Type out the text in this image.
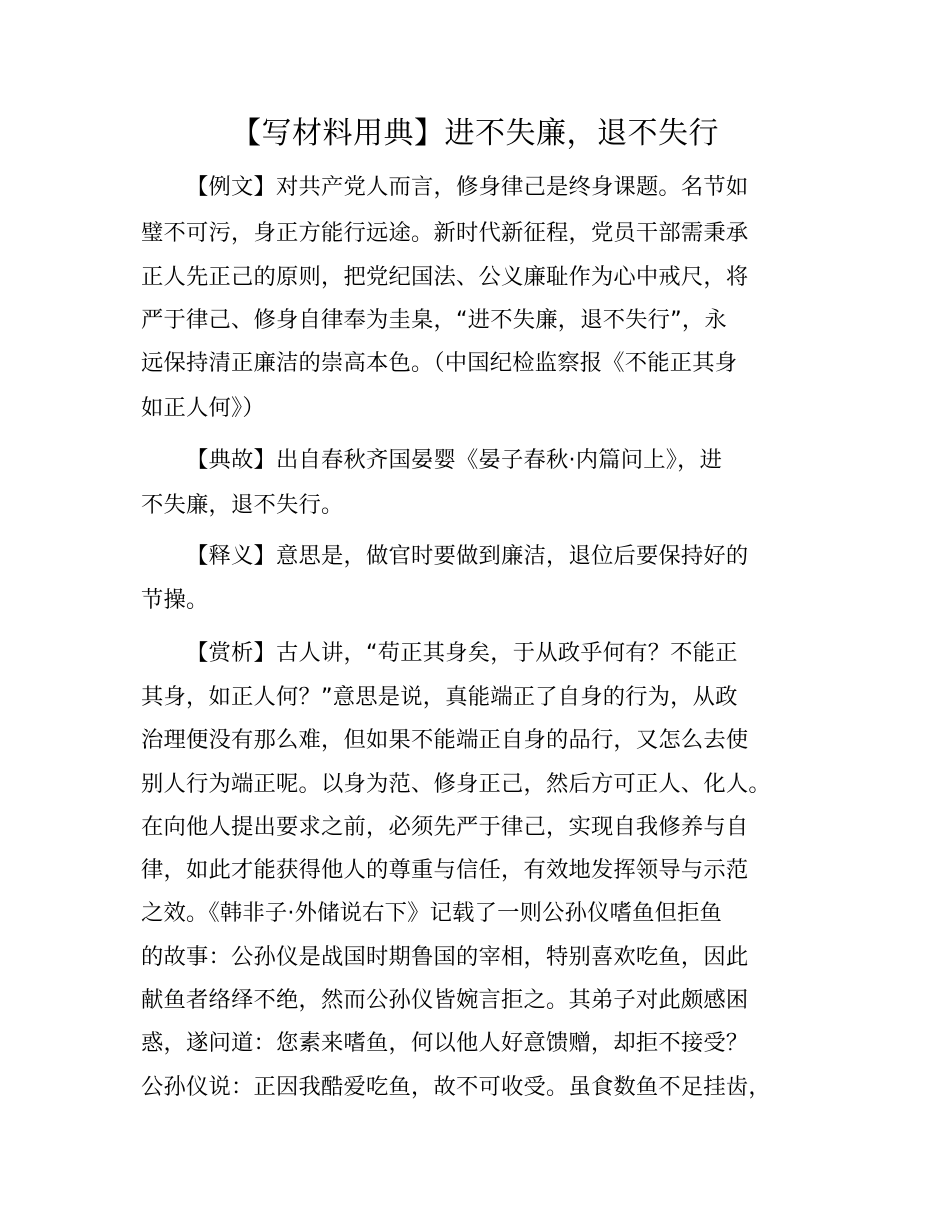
【写材料用典】进不失廉，退不失行
【例文】对共产党人而言，修身律己是终身课题。名节如
璧不可污，身正方能行远途。新时代新征程，党员干部需秉承
正人先正己的原则，把党纪国法、公义廉耻作为心中戒尺，将
严于律己、修身自律奉为圭臬，“进不失廉，退不失行”，永
远保持清正廉洁的崇高本色。（中国纪检监察报《不能正其身
如正人何》）
【典故】出自春秋齐国晏婴《晏子春秋·内篇问上》，进
不失廉，退不失行。
【释义】意思是，做官时要做到廉洁，退位后要保持好的
节操。
【赏析】古人讲，“苟正其身矣，于从政乎何有？不能正
其身，如正人何？”意思是说，真能端正了自身的行为，从政
治理便没有那么难，但如果不能端正自身的品行，又怎么去使
别人行为端正呢。以身为范、修身正己，然后方可正人、化人。
在向他人提出要求之前，必须先严于律己，实现自我修养与自
律，如此才能获得他人的尊重与信任，有效地发挥领导与示范
之效。《韩非子·外储说右下》记载了一则公孙仪嗜鱼但拒鱼
的故事：公孙仪是战国时期鲁国的宰相，特别喜欢吃鱼，因此
献鱼者络绎不绝，然而公孙仪皆婉言拒之。其弟子对此颇感困
惑，遂问道：您素来嗜鱼，何以他人好意馈赠，却拒不接受？
公孙仪说：正因我酷爱吃鱼，故不可收受。虽食数鱼不足挂齿，
